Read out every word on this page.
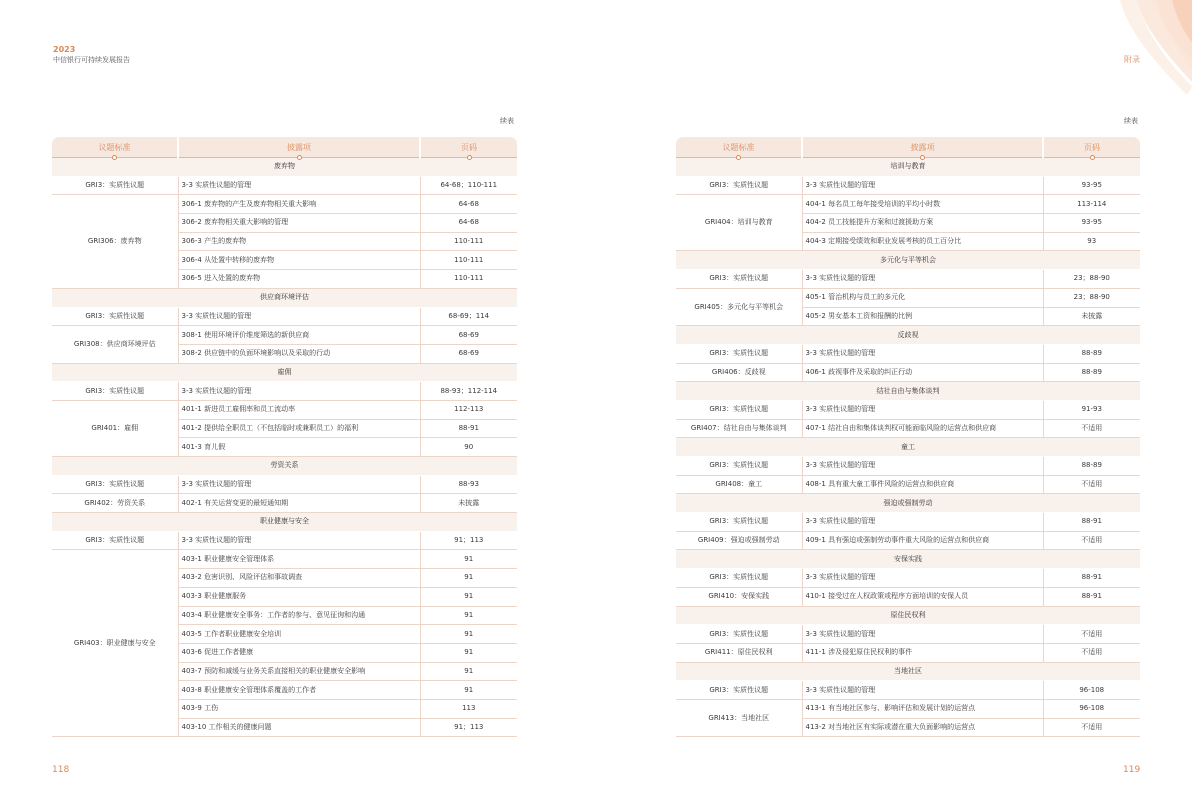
2023
中信银行可持续发展报告	附录
续表	续表
议题标准	披露项	页码

废弃物		
GRI3：实质性议题	3-3 实质性议题的管理	64-68；110-111
GRI306：废弃物	306-1 废弃物的产生及废弃物相关重大影响	64-68
	306-2 废弃物相关重大影响的管理	64-68
	306-3 产生的废弃物	110-111
	306-4 从处置中转移的废弃物	110-111
	306-5 进入处置的废弃物	110-111
供应商环境评估		
GRI3：实质性议题	3-3 实质性议题的管理	68-69；114
GRI308：供应商环境评估	308-1 使用环境评价维度筛选的新供应商	68-69
	308-2 供应链中的负面环境影响以及采取的行动	68-69
雇佣		
GRI3：实质性议题	3-3 实质性议题的管理	88-93；112-114
GRI401：雇佣	401-1 新进员工雇佣率和员工流动率	112-113
	401-2 提供给全职员工（不包括临时或兼职员工）的福利	88-91
	401-3 育儿假	90
劳资关系		
GRI3：实质性议题	3-3 实质性议题的管理	88-93
GRI402：劳资关系	402-1 有关运营变更的最短通知期	未披露
职业健康与安全		
GRI3：实质性议题	3-3 实质性议题的管理	91；113
GRI403：职业健康与安全	403-1 职业健康安全管理体系	91
	403-2 危害识别、风险评估和事故调查	91
	403-3 职业健康服务	91
	403-4 职业健康安全事务：工作者的参与、意见征询和沟通	91
	403-5 工作者职业健康安全培训	91
	403-6 促进工作者健康	91
	403-7 预防和减缓与业务关系直接相关的职业健康安全影响	91
	403-8 职业健康安全管理体系覆盖的工作者	91
	403-9 工伤	113
	403-10 工作相关的健康问题	91；113
议题标准	披露项	页码

培训与教育		
GRI3：实质性议题	3-3 实质性议题的管理	93-95
GRI404：培训与教育	404-1 每名员工每年接受培训的平均小时数	113-114
	404-2 员工技能提升方案和过渡援助方案	93-95
	404-3 定期接受绩效和职业发展考核的员工百分比	93
多元化与平等机会		
GRI3：实质性议题	3-3 实质性议题的管理	23；88-90
GRI405：多元化与平等机会	405-1 管治机构与员工的多元化	23；88-90
	405-2 男女基本工资和报酬的比例	未披露
反歧视		
GRI3：实质性议题	3-3 实质性议题的管理	88-89
GRI406：反歧视	406-1 歧视事件及采取的纠正行动	88-89
结社自由与集体谈判		
GRI3：实质性议题	3-3 实质性议题的管理	91-93
GRI407：结社自由与集体谈判	407-1 结社自由和集体谈判权可能面临风险的运营点和供应商	不适用
童工		
GRI3：实质性议题	3-3 实质性议题的管理	88-89
GRI408：童工	408-1 具有重大童工事件风险的运营点和供应商	不适用
强迫或强制劳动		
GRI3：实质性议题	3-3 实质性议题的管理	88-91
GRI409：强迫或强制劳动	409-1 具有强迫或强制劳动事件重大风险的运营点和供应商	不适用
安保实践		
GRI3：实质性议题	3-3 实质性议题的管理	88-91
GRI410：安保实践	410-1 接受过在人权政策或程序方面培训的安保人员	88-91
原住民权利		
GRI3：实质性议题	3-3 实质性议题的管理	不适用
GRI411：原住民权利	411-1 涉及侵犯原住民权利的事件	不适用
当地社区		
GRI3：实质性议题	3-3 实质性议题的管理	96-108
GRI413：当地社区	413-1 有当地社区参与、影响评估和发展计划的运营点	96-108
	413-2 对当地社区有实际或潜在重大负面影响的运营点	不适用
118	119
